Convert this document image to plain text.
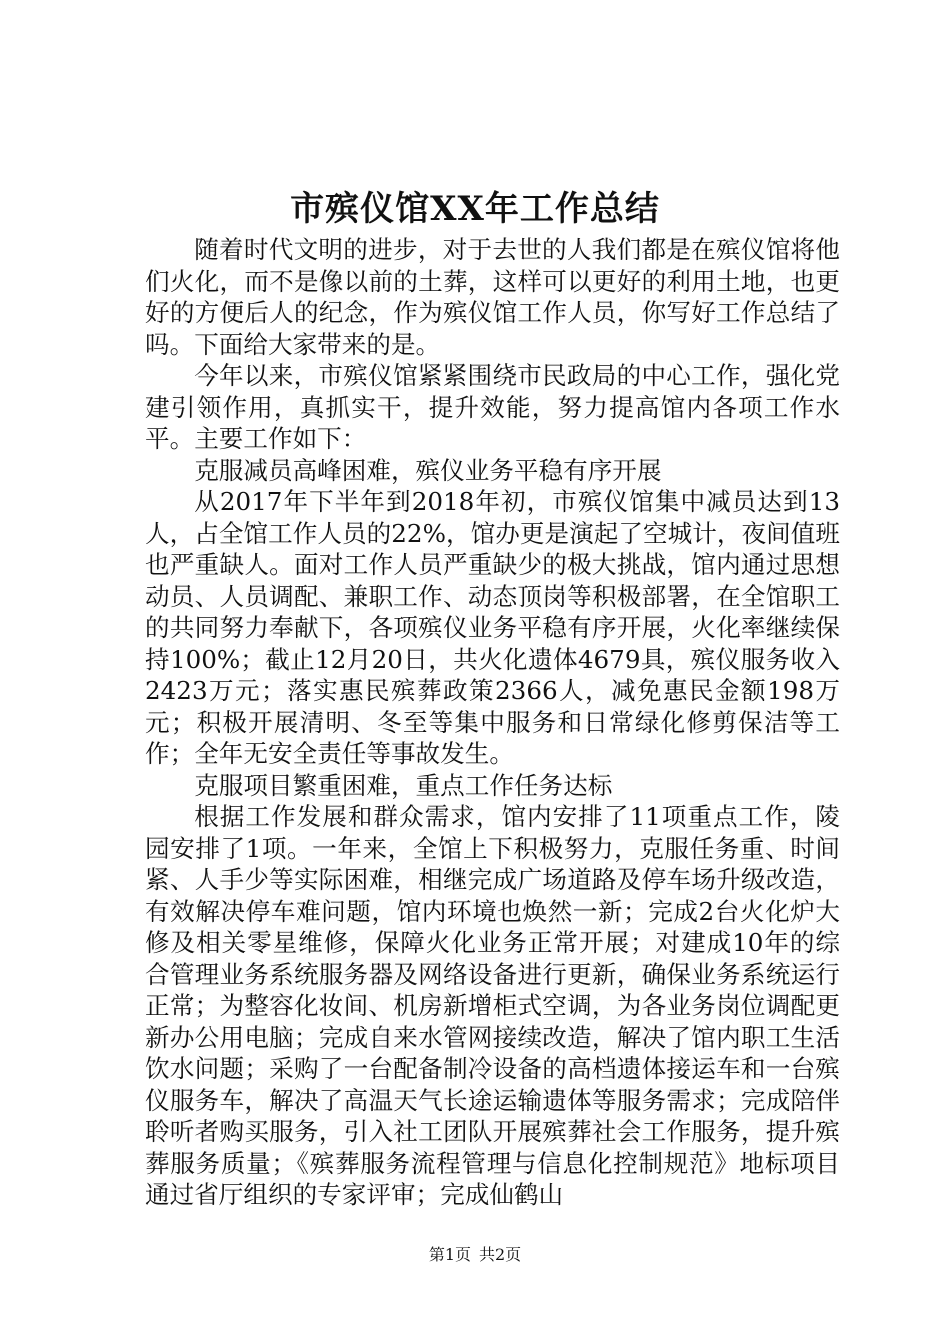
市殡仪馆XX年工作总结

随着时代文明的进步，对于去世的人我们都是在殡仪馆将他们火化，而不是像以前的土葬，这样可以更好的利用土地，也更好的方便后人的纪念，作为殡仪馆工作人员，你写好工作总结了吗。下面给大家带来的是。

今年以来，市殡仪馆紧紧围绕市民政局的中心工作，强化党建引领作用，真抓实干，提升效能，努力提高馆内各项工作水平。主要工作如下：

克服减员高峰困难，殡仪业务平稳有序开展

从2017年下半年到2018年初，市殡仪馆集中减员达到13人，占全馆工作人员的22%，馆办更是演起了空城计，夜间值班也严重缺人。面对工作人员严重缺少的极大挑战，馆内通过思想动员、人员调配、兼职工作、动态顶岗等积极部署，在全馆职工的共同努力奉献下，各项殡仪业务平稳有序开展，火化率继续保持100%；截止12月20日，共火化遗体4679具，殡仪服务收入2423万元；落实惠民殡葬政策2366人，减免惠民金额198万元；积极开展清明、冬至等集中服务和日常绿化修剪保洁等工作；全年无安全责任等事故发生。

克服项目繁重困难，重点工作任务达标

根据工作发展和群众需求，馆内安排了11项重点工作，陵园安排了1项。一年来，全馆上下积极努力，克服任务重、时间紧、人手少等实际困难，相继完成广场道路及停车场升级改造，有效解决停车难问题，馆内环境也焕然一新；完成2台火化炉大修及相关零星维修，保障火化业务正常开展；对建成10年的综合管理业务系统服务器及网络设备进行更新，确保业务系统运行正常；为整容化妆间、机房新增柜式空调，为各业务岗位调配更新办公用电脑；完成自来水管网接续改造，解决了馆内职工生活饮水问题；采购了一台配备制冷设备的高档遗体接运车和一台殡仪服务车，解决了高温天气长途运输遗体等服务需求；完成陪伴聆听者购买服务，引入社工团队开展殡葬社会工作服务，提升殡葬服务质量；《殡葬服务流程管理与信息化控制规范》地标项目通过省厅组织的专家评审；完成仙鹤山

第1页 共2页
